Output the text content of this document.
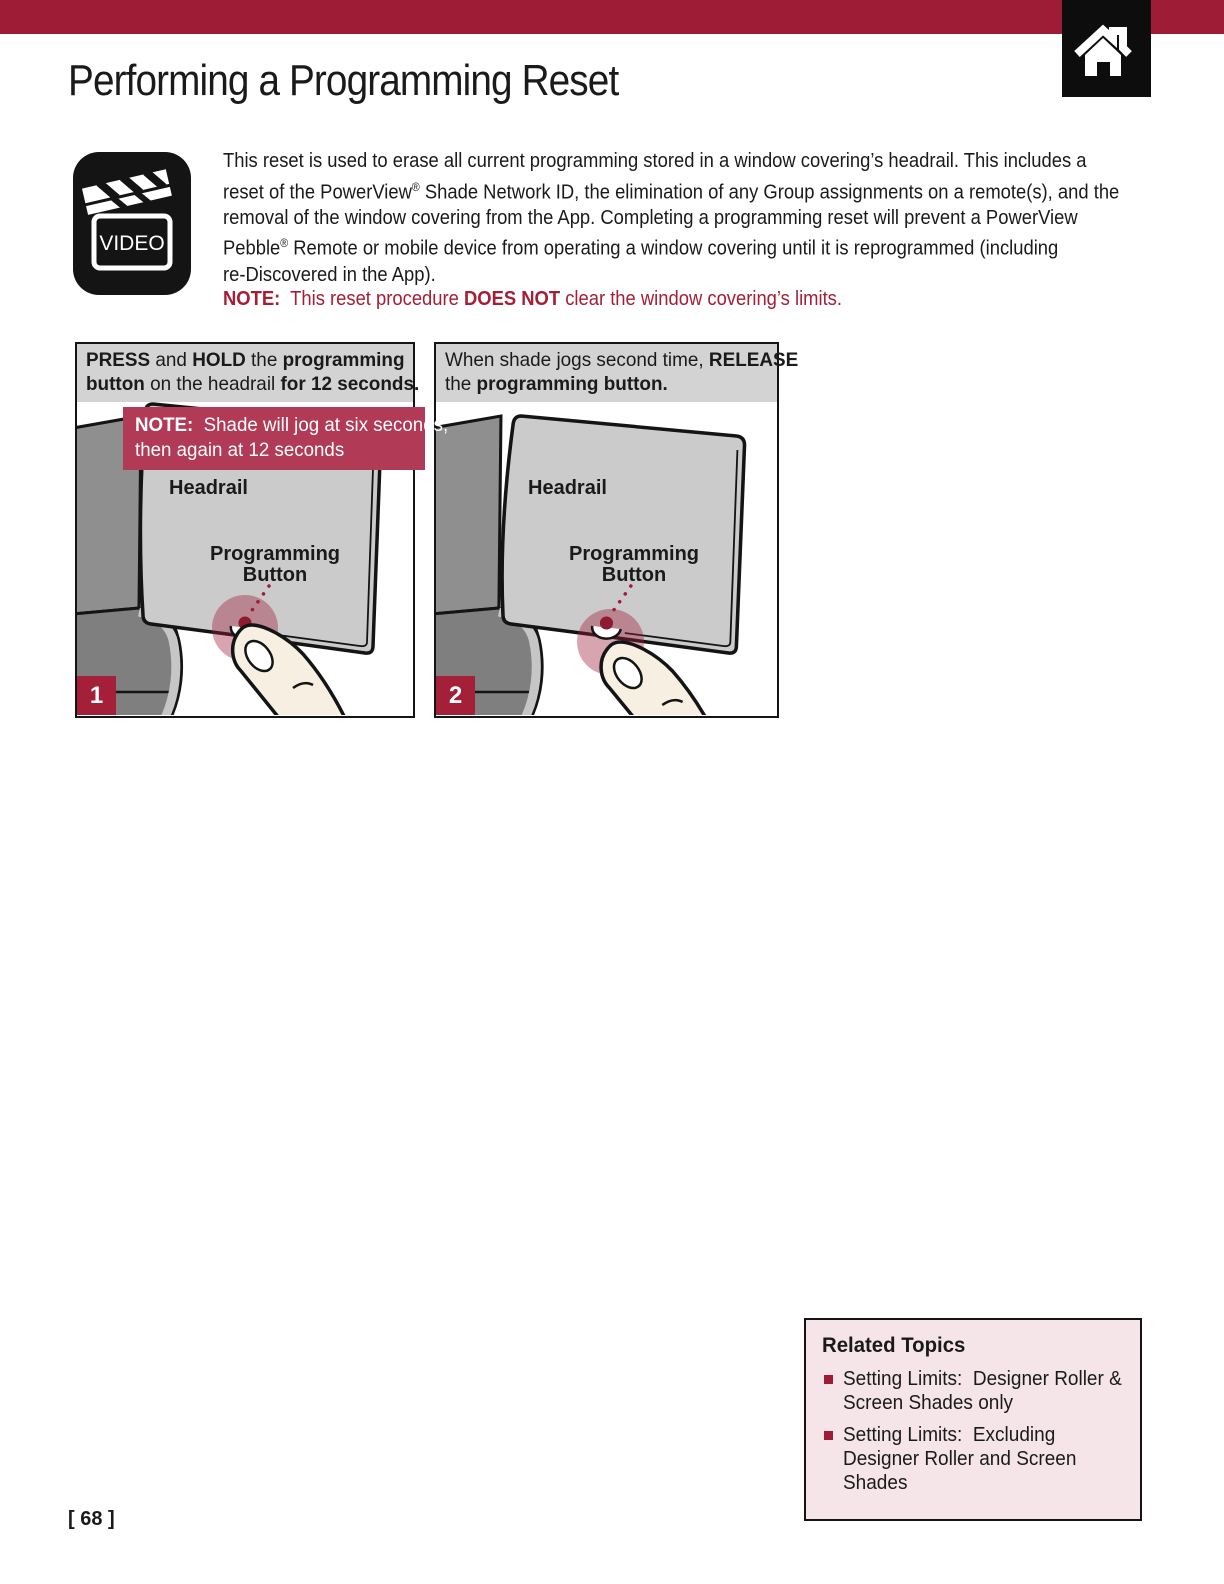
Performing a Programming Reset
VIDEO
This reset is used to erase all current programming stored in a window covering’s headrail. This includes a
reset of the PowerView® Shade Network ID, the elimination of any Group assignments on a remote(s), and the
removal of the window covering from the App. Completing a programming reset will prevent a PowerView
Pebble® Remote or mobile device from operating a window covering until it is reprogrammed (including
re-Discovered in the App).
NOTE:  This reset procedure DOES NOT clear the window covering’s limits.
PRESS and HOLD the programming
button on the headrail for 12 seconds.
NOTE:  Shade will jog at six seconds,
then again at 12 seconds
Headrail
Programming
Button
1
When shade jogs second time, RELEASE
the programming button.
Headrail
Programming
Button
2
Related Topics
Setting Limits:  Designer Roller &
Screen Shades only
Setting Limits:  Excluding
Designer Roller and Screen
Shades
[ 68 ]
